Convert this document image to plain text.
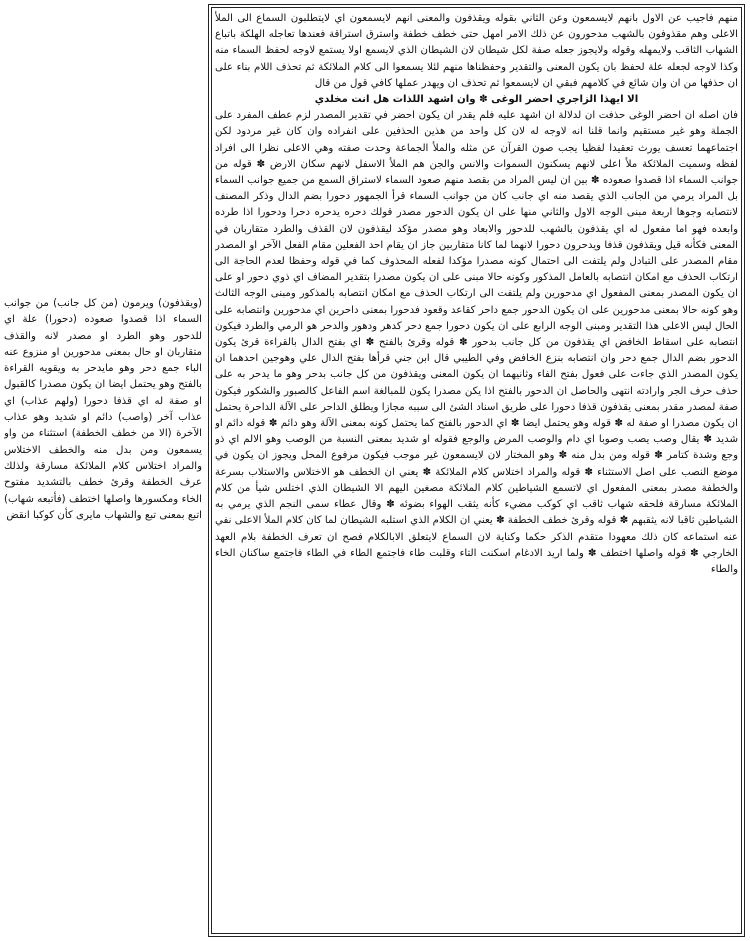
منهم فاجيب عن الاول بانهم لايسمعون وعن الثاني بقوله ويقذفون والمعنى انهم لايسمعون اي لايتطلبون السماع الى الملأ الاعلى وهم مقذوفون بالشهب مدحورون عن ذلك الامر امهل حتى خطف خطفة واسترق استراقة فعندها تعاجله الهلكة باتباع الشهاب الثاقب ولايمهله وقوله ولايجوز جعله صفة لكل شيطان لان الشيطان الذي لايسمع اولا يستمع لاوجه لحفظ السماء منه وكذا لاوجه لجعله علة لحفظ بان يكون المعنى والتقدير وحفظناها منهم لئلا يسمعوا الى كلام الملائكة ثم تحذف اللام بناء على ان حذفها من ان وان شائع في كلامهم فبقي ان لايسمعوا ثم تحذف ان ويهدر عملها كافي قول من قال

الا ايهذا الزاجري احضر الوغى ✽ وان اشهد اللذات هل انت مخلدي

فان اصله ان احضر الوغى حذفت ان لدلالة ان اشهد عليه فلم يقدر ان يكون احضر في تقدير المصدر لزم عطف المفرد على الجملة وهو غير مستقيم وانما قلنا انه لاوجه له لان كل واحد من هذين الحذفين على انفراده وان كان غير مردود لكن اجتماعهما تعسف يورث تعقيدا لفظيا يجب صون القرآن عن مثله والملأ الجماعة وحدت صفته وهي الاعلى نظرا الى افراد لفظه وسميت الملائكة ملأ اعلى لانهم يسكنون السموات والانس والجن هم الملأ الاسفل لانهم سكان الارض ✽ قوله من جوانب السماء اذا قصدوا صعوده ✽ بين ان ليس المراد من بقصد منهم صعود السماء لاستراق السمع من جميع جوانب السماء بل المراد يرمي من الجانب الذي يقصد منه اي جانب كان من جوانب السماء قرأ الجمهور دحورا بضم الدال وذكر المصنف لانتصابه وجوها اربعة مبنى الوجه الاول والثاني منها على ان يكون الدحور مصدر قولك دحره يدحره دحرا ودحورا اذا طرده وابعده فهو اما مفعول له اي يقذفون بالشهب للدحور والابعاد وهو مصدر مؤكد ليقذفون لان القذف والطرد متقاربان في المعنى فكأنه قيل ويقذفون قذفا ويدحرون دحورا لانهما لما كانا متقاربين جاز ان يقام احد الفعلين مقام الفعل الآخر او المصدر مقام المصدر على التبادل ولم يلتفت الى احتمال كونه مصدرا مؤكدا لفعله المحذوف كما في قوله وحفظا لعدم الحاجة الى ارتكاب الحذف مع امكان انتصابه بالعامل المذكور وكونه حالا مبنى على ان يكون مصدرا بتقدير المضاف اي ذوي دحور او على ان يكون المصدر بمعنى المفعول اي مدحورين ولم يلتفت الى ارتكاب الحذف مع امكان انتصابه بالمذكور ومبنى الوجه الثالث وهو كونه حالا بمعنى مدحورين على ان يكون الدحور جمع داحر كقاعد وقعود فدحورا بمعنى داحرين اي مدحورين وانتصابه على الحال ليس الاعلى هذا التقدير ومبنى الوجه الرابع على ان يكون دحورا جمع دحر كدهر ودهور والدحر هو الرمي والطرد فيكون انتصابه على اسقاط الخافض اي يقذفون من كل جانب بدحور ✽ قوله وقرئ بالفتح ✽ اي بفتح الدال بالقراءة قرئ يكون الدحور بضم الدال جمع دحر وان انتصابه بنزع الخافض وفي الطيبي قال ابن جني قرأها بفتح الدال علي وهوجين احدهما ان يكون المصدر الذي جاءت على فعول بفتح الفاء وثانيهما ان يكون المعنى ويقذفون من كل جانب بدحر وهو ما يدحر به على حذف حرف الجر وارادته انتهى والحاصل ان الدحور بالفتح اذا يكن مصدرا يكون للمبالغة اسم الفاعل كالصبور والشكور فيكون صفة لمصدر مقدر بمعنى يقذفون قذفا دحورا على طريق اسناد الشئ الى سببه مجازا ويطلق الداحر على الآلة الداحرة يحتمل ان يكون مصدرا او صفة له ✽ قوله وهو يحتمل ايضا ✽ اي الدحور بالفتح كما يحتمل كونه بمعنى الآلة وهو دائم ✽ قوله دائم او شديد ✽ يقال وصب يصب وصوبا اي دام والوصب المرض والوجع فقوله او شديد بمعنى النسبة من الوصب وهو الالم اي ذو وجع وشدة كتامر ✽ قوله ومن بدل منه ✽ وهو المختار لان لايسمعون غير موجب فيكون مرفوع المحل ويجوز ان يكون في موضع النصب على اصل الاستثناء ✽ قوله والمراد اختلاس كلام الملائكة ✽ يعني ان الخطف هو الاختلاس والاستلاب بسرعة والخطفة مصدر بمعنى المفعول اي لاتسمع الشياطين كلام الملائكة مصغين اليهم الا الشيطان الذي اختلس شيأ من كلام الملائكة مسارقة فلحقه شهاب ثاقب اي كوكب مضيء كأنه يثقب الهواء بضوئه ✽ وقال عطاء سمى النجم الذي يرمي به الشياطين ثاقبا لانه يثقبهم ✽ قوله وقرئ خطف الخطفة ✽ يعني ان الكلام الذي استلبه الشيطان لما كان كلام الملأ الاعلى نفي عنه استماعه كان ذلك معهودا متقدم الذكر حكما وكناية لان السماع لايتعلق الابالكلام فصح ان تعرف الخطفة بلام العهد الخارجي ✽ قوله واصلها اختطف ✽ ولما اريد الادغام اسكنت التاء وقلبت طاء فاجتمع الطاء في الطاء فاجتمع ساكنان الخاء والطاء

(ويقذفون) ويرمون (من كل جانب) من جوانب السماء اذا قصدوا صعوده (دحورا) علة اي للدحور وهو الطرد او مصدر لانه والقذف متقاربان او حال بمعنى مدحورين او منزوع عنه الباء جمع دحر وهو مايدحر به ويقويه القراءة بالفتح وهو يحتمل ايضا ان يكون مصدرا كالقبول او صفة له اي قذفا دحورا (ولهم عذاب) اي عذاب آخر (واصب) دائم او شديد وهو عذاب الآخرة (الا من خطف الخطفة) استثناء من واو يسمعون ومن بدل منه والخطف الاختلاس والمراد اختلاس كلام الملائكة مسارقة ولذلك عرف الخطفة وقرئ خطف بالتشديد مفتوح الخاء ومكسورها واصلها اختطف (فأتبعه شهاب) اتبع بمعنى تبع والشهاب مايرى كأن كوكبا انقض
